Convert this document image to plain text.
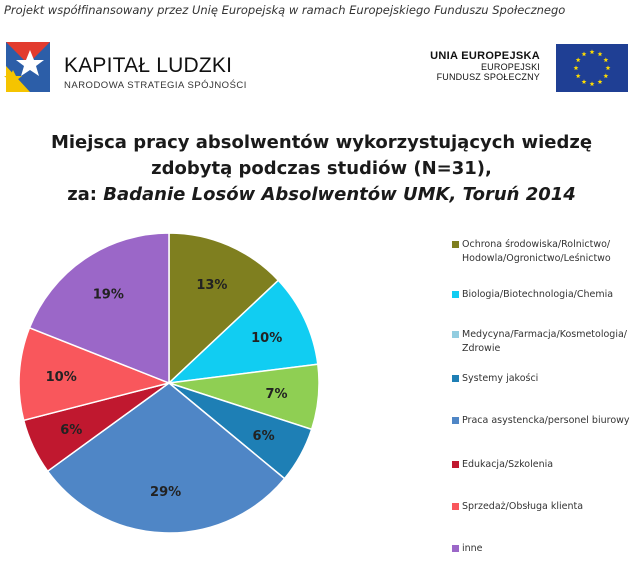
Projekt współfinansowany przez Unię Europejską w ramach Europejskiego Funduszu Społecznego
KAPITAŁ LUDZKI
NARODOWA STRATEGIA SPÓJNOŚCI
UNIA EUROPEJSKA
EUROPEJSKI
FUNDUSZ SPOŁECZNY
Miejsca pracy absolwentów wykorzystujących wiedzę
zdobytą podczas studiów (N=31),
za: Badanie Losów Absolwentów UMK, Toruń 2014
13%
10%
7%
6%
29%
6%
10%
19%
Ochrona środowiska/Rolnictwo/ Hodowla/Ogronictwo/Leśnictwo
Biologia/Biotechnologia/Chemia
Medycyna/Farmacja/Kosmetologia/ Zdrowie
Systemy jakości
Praca asystencka/personel biurowy
Edukacja/Szkolenia
Sprzedaż/Obsługa klienta
inne
